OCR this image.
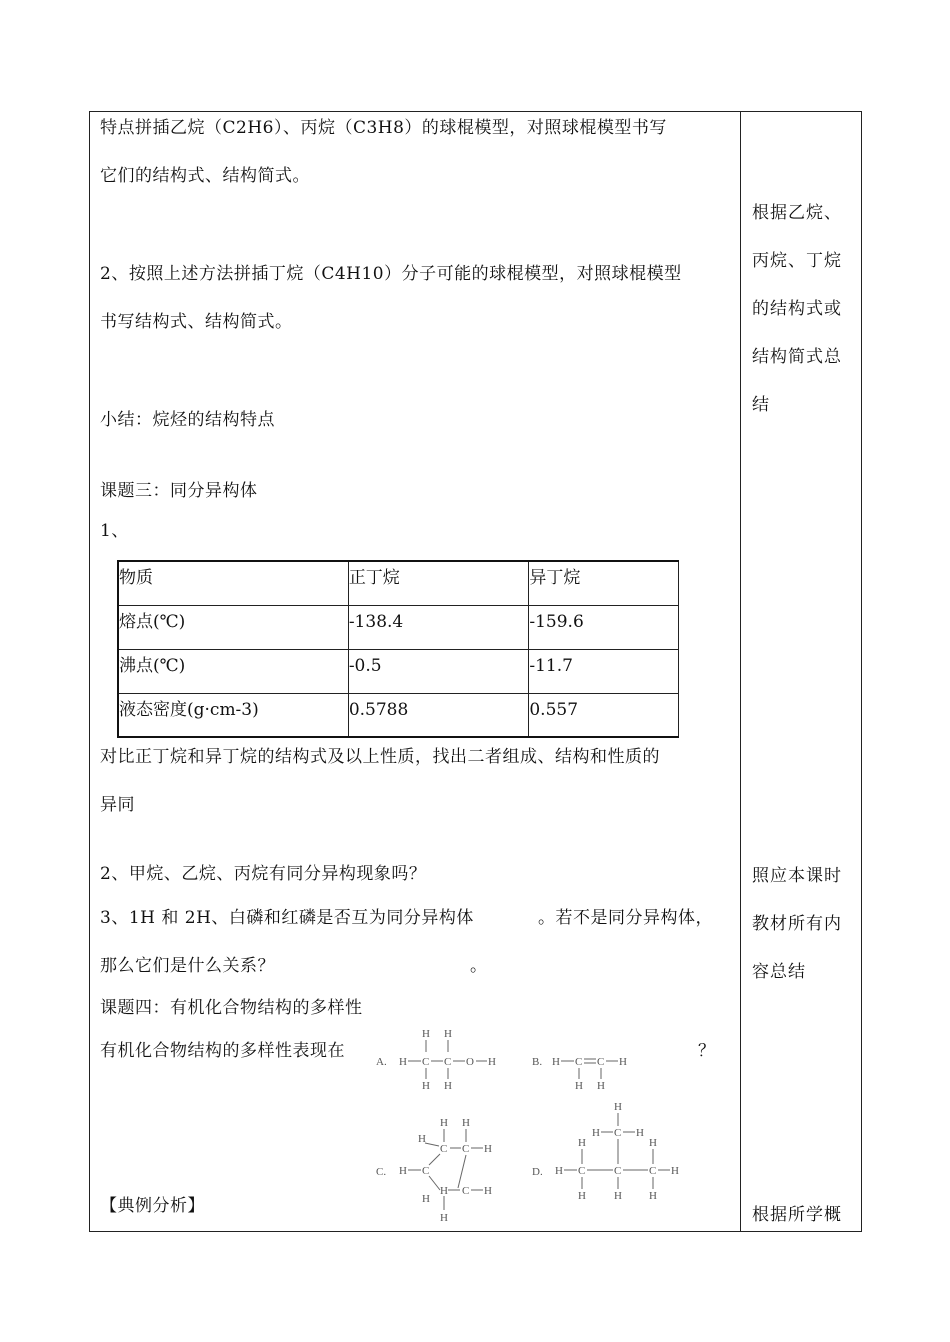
特点拼插乙烷（C2H6）、丙烷（C3H8）的球棍模型，对照球棍模型书写
它们的结构式、结构简式。
2、按照上述方法拼插丁烷（C4H10）分子可能的球棍模型，对照球棍模型
书写结构式、结构简式。
小结：烷烃的结构特点
课题三：同分异构体
1、
物质	正丁烷	异丁烷
熔点(℃)	-138.4	-159.6
沸点(℃)	-0.5	-11.7
液态密度(g·cm-3)	0.5788	0.557
对比正丁烷和异丁烷的结构式及以上性质，找出二者组成、结构和性质的
异同
2、甲烷、乙烷、丙烷有同分异构现象吗？
3、1H 和 2H、白磷和红磷是否互为同分异构体	。若不是同分异构体，
那么它们是什么关系？	。
课题四：有机化合物结构的多样性
有机化合物结构的多样性表现在	？
【典例分析】
根据乙烷、
丙烷、丁烷
的结构式或
结构简式总
结
照应本课时
教材所有内
容总结
根据所学概
A.
H H
H C C O H
H H
B. H C C H
H H
C.
H
C C H
H
H
H C
H
H C H
H
D.
H
H C H
H	H
H C	C	C H
H	H H
